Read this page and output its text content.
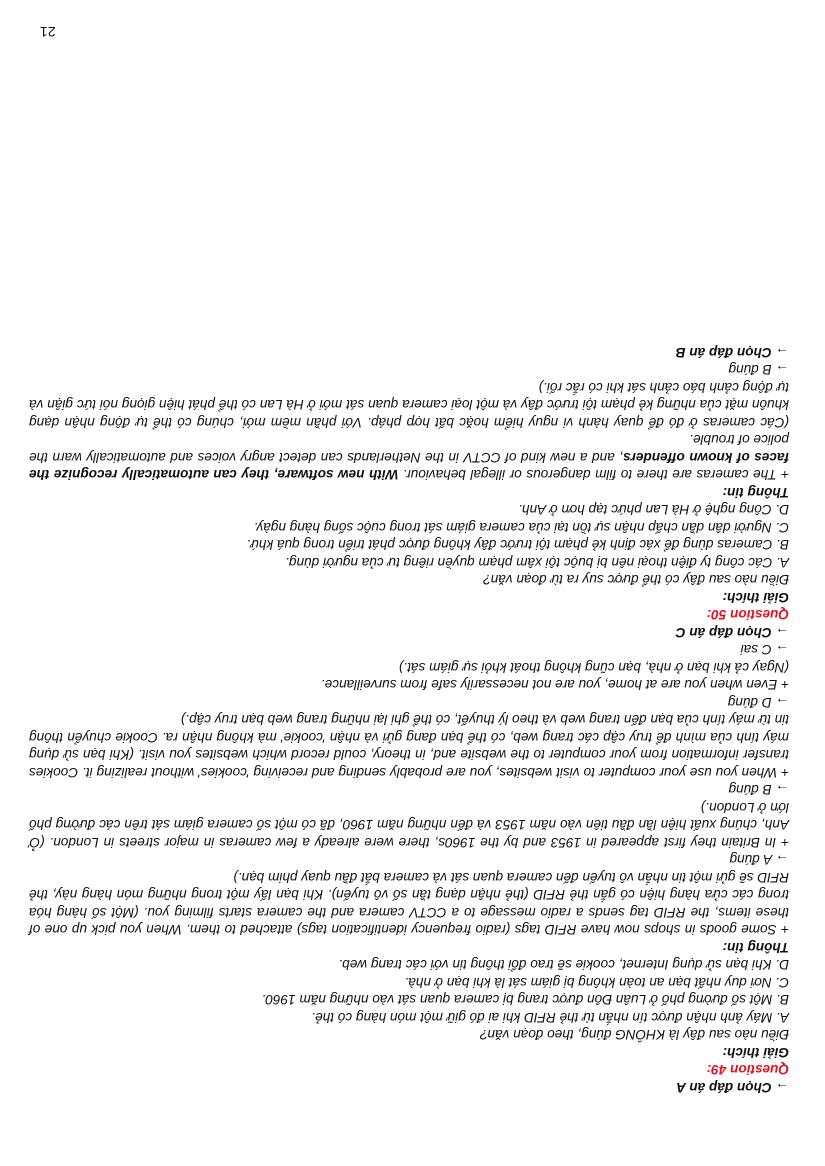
→ Chọn đáp án A

Question 49:

Giải thích:

Điều nào sau đây là KHÔNG đúng, theo đoạn văn?

A. Máy ảnh nhận được tín nhắn từ thẻ RFID khi ai đó giữ một món hàng có thẻ.

B. Một số đường phố ở Luân Đôn được trang bị camera quan sát vào những năm 1960.

C. Nơi duy nhất bạn an toàn không bị giám sát là khi bạn ở nhà.

D. Khi bạn sử dụng Internet, cookie sẽ trao đổi thông tin với các trang web.

Thông tin:

+ Some goods in shops now have RFID tags (radio frequency identification tags) attached to them. When you pick up one of these items, the RFID tag sends a radio message to a CCTV camera and the camera starts filming you. (Một số hàng hóa trong các cửa hàng hiện có gắn thẻ RFID (thẻ nhận dạng tần số vô tuyến). Khi bạn lấy một trong những món hàng này, thẻ RFID sẽ gửi một tin nhắn vô tuyến đến camera quan sát và camera bắt đầu quay phim bạn.)

→ A đúng

+ In Britain they first appeared in 1953 and by the 1960s, there were already a few cameras in major streets in London. (Ở Anh, chúng xuất hiện lần đầu tiên vào năm 1953 và đến những năm 1960, đã có một số camera giám sát trên các đường phố lớn ở London.)

→ B đúng

+ When you use your computer to visit websites, you are probably sending and receiving 'cookies' without realizing it. Cookies transfer information from your computer to the website and, in theory, could record which websites you visit. (Khi bạn sử dụng máy tính của mình để truy cập các trang web, có thể bạn đang gửi và nhận 'cookie' mà không nhận ra. Cookie chuyển thông tin từ máy tính của bạn đến trang web và theo lý thuyết, có thể ghi lại những trang web bạn truy cập.)

→ D đúng

+ Even when you are at home, you are not necessarily safe from surveillance.

(Ngay cả khi bạn ở nhà, bạn cũng không thoát khỏi sự giám sát.)

→ C sai

→ Chọn đáp án C

Question 50:

Giải thích:

Điều nào sau đây có thể được suy ra từ đoạn văn?

A. Các công ty điện thoại nên bị buộc tội xâm phạm quyền riêng tư của người dùng.

B. Cameras dùng để xác định kẻ phạm tội trước đây không được phát triển trong quá khứ.

C. Người dân dần chấp nhận sự tồn tại của camera giám sát trong cuộc sống hàng ngày.

D. Công nghệ ở Hà Lan phức tạp hơn ở Anh.

Thông tin:

+ The cameras are there to film dangerous or illegal behaviour. With new software, they can automatically recognize the faces of known offenders, and a new kind of CCTV in the Netherlands can detect angry voices and automatically warn the police of trouble.

(Các cameras ở đó để quay hành vi nguy hiểm hoặc bất hợp pháp. Với phần mềm mới, chúng có thể tự động nhận dạng khuôn mặt của những kẻ phạm tội trước đây và một loại camera quan sát mới ở Hà Lan có thể phát hiện giọng nói tức giận và tự động cảnh báo cảnh sát khi có rắc rối.)

→ B đúng

→ Chọn đáp án B

21
